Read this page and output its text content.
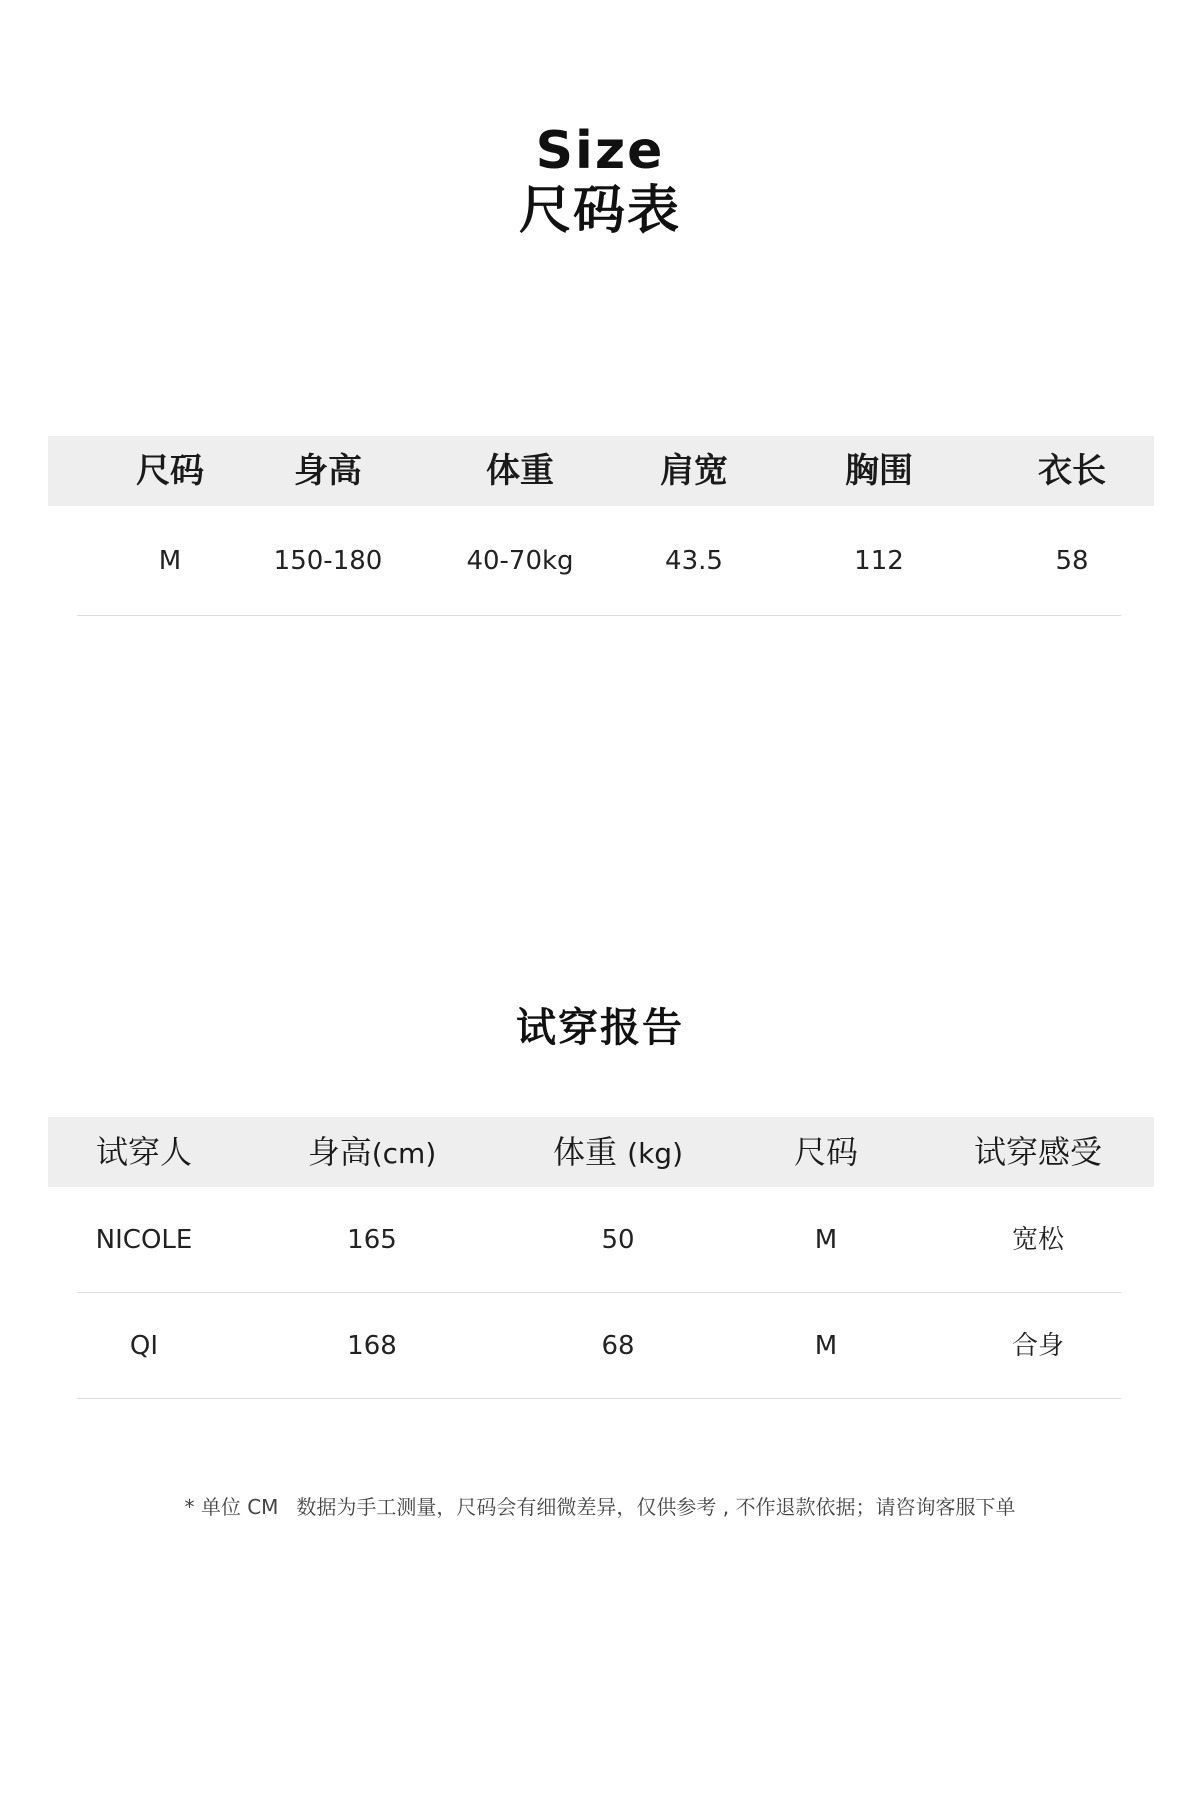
Size
尺码表
尺码	身高	体重	肩宽	胸围	衣长
M	150-180	40-70kg	43.5	112	58
试穿报告
试穿人	身高(cm)	体重 (kg)	尺码	试穿感受
NICOLE	165	50	M	宽松
QI	168	68	M	合身
* 单位 CM 数据为手工测量，尺码会有细微差异，仅供参考 , 不作退款依据；请咨询客服下单
